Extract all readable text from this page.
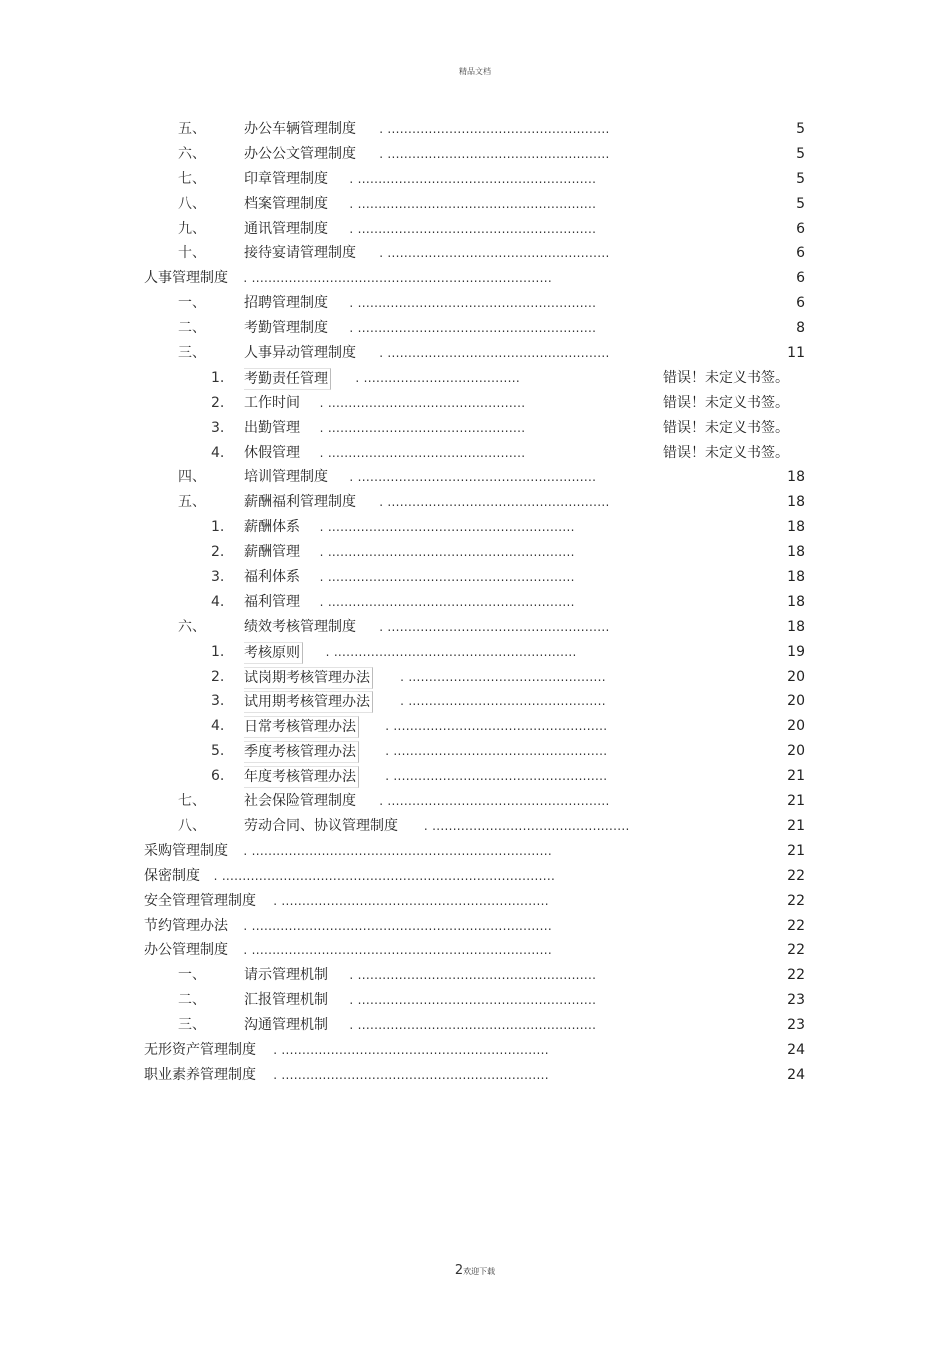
精品文档
五、	办公车辆管理制度 . ......................................................	5
六、	办公公文管理制度 . ......................................................	5
七、	印章管理制度 . ..........................................................	5
八、	档案管理制度 . ..........................................................	5
九、	通讯管理制度 . ..........................................................	6
十、	接待宴请管理制度 . ......................................................	6
人事管理制度 . .........................................................................	6
一、	招聘管理制度 . ..........................................................	6
二、	考勤管理制度 . ..........................................................	8
三、	人事异动管理制度 . ......................................................	11
1. 考勤责任管理 . ......................................	错误！未定义书签。
2. 工作时间 . ................................................	错误！未定义书签。
3. 出勤管理 . ................................................	错误！未定义书签。
4. 休假管理 . ................................................	错误！未定义书签。
四、	培训管理制度 . ..........................................................	18
五、	薪酬福利管理制度 . ......................................................	18
1. 薪酬体系 . ............................................................	18
2. 薪酬管理 . ............................................................	18
3. 福利体系 . ............................................................	18
4. 福利管理 . ............................................................	18
六、	绩效考核管理制度 . ......................................................	18
1. 考核原则 . ...........................................................	19
2. 试岗期考核管理办法	. ................................................	20
3. 试用期考核管理办法	. ................................................	20
4. 日常考核管理办法 . ....................................................	20
5. 季度考核管理办法 . ....................................................	20
6. 年度考核管理办法 . ....................................................	21
七、	社会保险管理制度 . ......................................................	21
八、	劳动合同、协议管理制度 . ................................................	21
采购管理制度 . .........................................................................	21
保密制度 . .................................................................................	22
安全管理管理制度 . .................................................................	22
节约管理办法 . .........................................................................	22
办公管理制度 . .........................................................................	22
一、	请示管理机制 . ..........................................................	22
二、	汇报管理机制 . ..........................................................	23
三、	沟通管理机制 . ..........................................................	23
无形资产管理制度 . .................................................................	24
职业素养管理制度 . .................................................................	24
2欢迎下载
